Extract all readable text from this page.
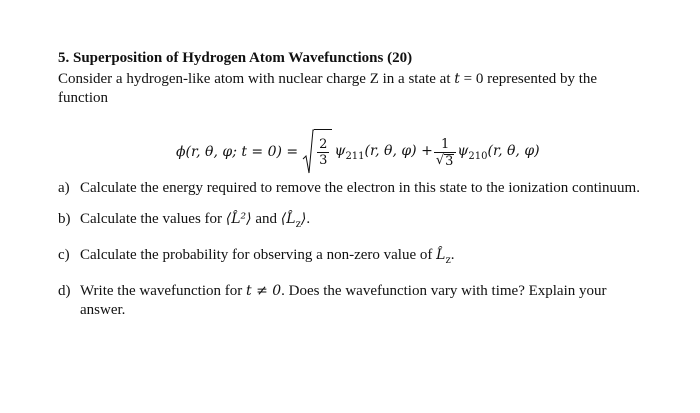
5. Superposition of Hydrogen Atom Wavefunctions (20)

Consider a hydrogen-like atom with nuclear charge Z in a state at t = 0 represented by the
function

ϕ(r, θ, φ; $t = 0) = \frac{2}{3} \psi_{211}(r$, θ, $\varphi) + \frac{1}{√ 3} \psi_{210}(r$, θ, φ)
a) Calculate the energy required to remove the electron in this state to the ionization continuum.
b) Calculate the values for ⟨L̂²⟩ and $⟨L̂_z⟩$.
c) Calculate the probability for observing a non-zero value of $L̂_z$.
d) Write the wavefunction for t ≠ 0. Does the wavefunction vary with time? Explain your
answer.
